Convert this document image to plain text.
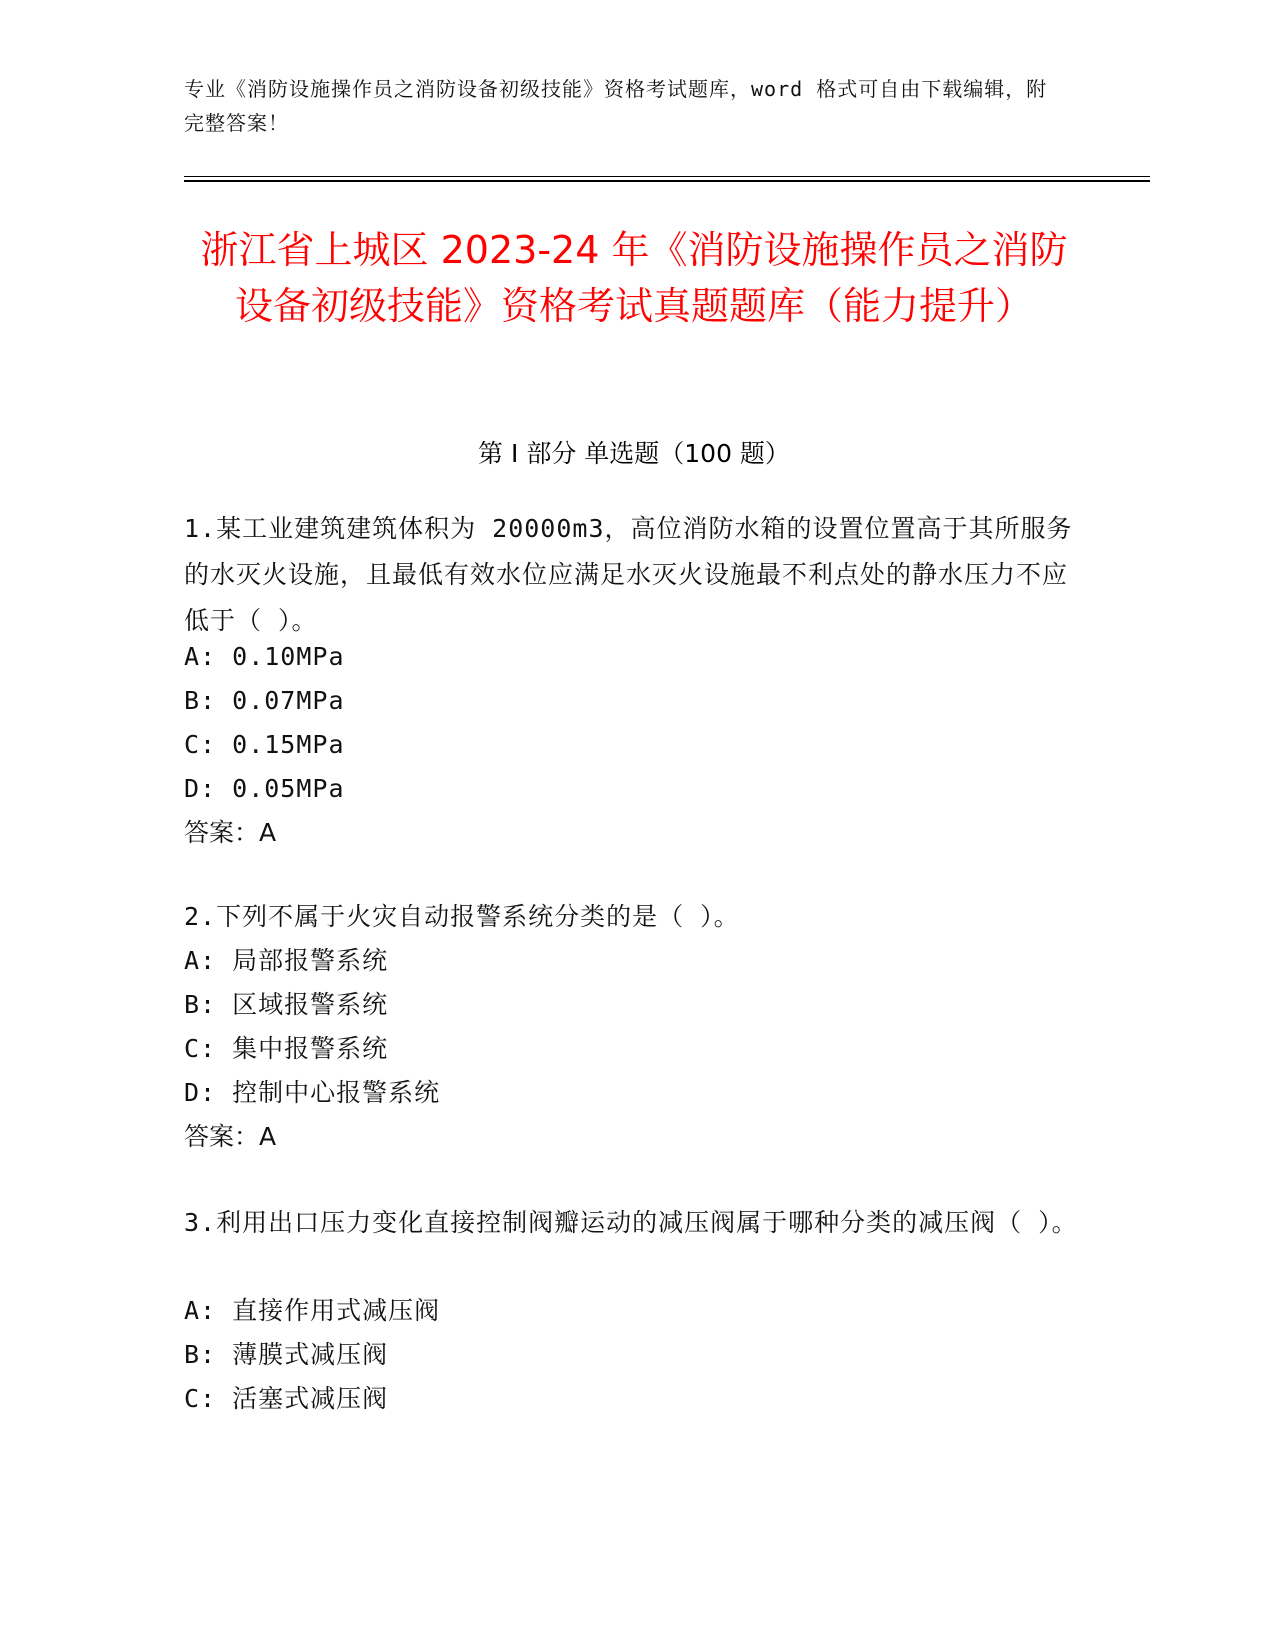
专业《消防设施操作员之消防设备初级技能》资格考试题库，word 格式可自由下载编辑，附完整答案！
浙江省上城区 2023-24 年《消防设施操作员之消防设备初级技能》资格考试真题题库（能力提升）
第 I 部分 单选题（100 题）
1.某工业建筑建筑体积为 20000m3，高位消防水箱的设置位置高于其所服务的水灭火设施，且最低有效水位应满足水灭火设施最不利点处的静水压力不应低于（ ）。
A: 0.10MPa
B: 0.07MPa
C: 0.15MPa
D: 0.05MPa
答案：A
2.下列不属于火灾自动报警系统分类的是（ ）。
A: 局部报警系统
B: 区域报警系统
C: 集中报警系统
D: 控制中心报警系统
答案：A
3.利用出口压力变化直接控制阀瓣运动的减压阀属于哪种分类的减压阀（ ）。
A: 直接作用式减压阀
B: 薄膜式减压阀
C: 活塞式减压阀
